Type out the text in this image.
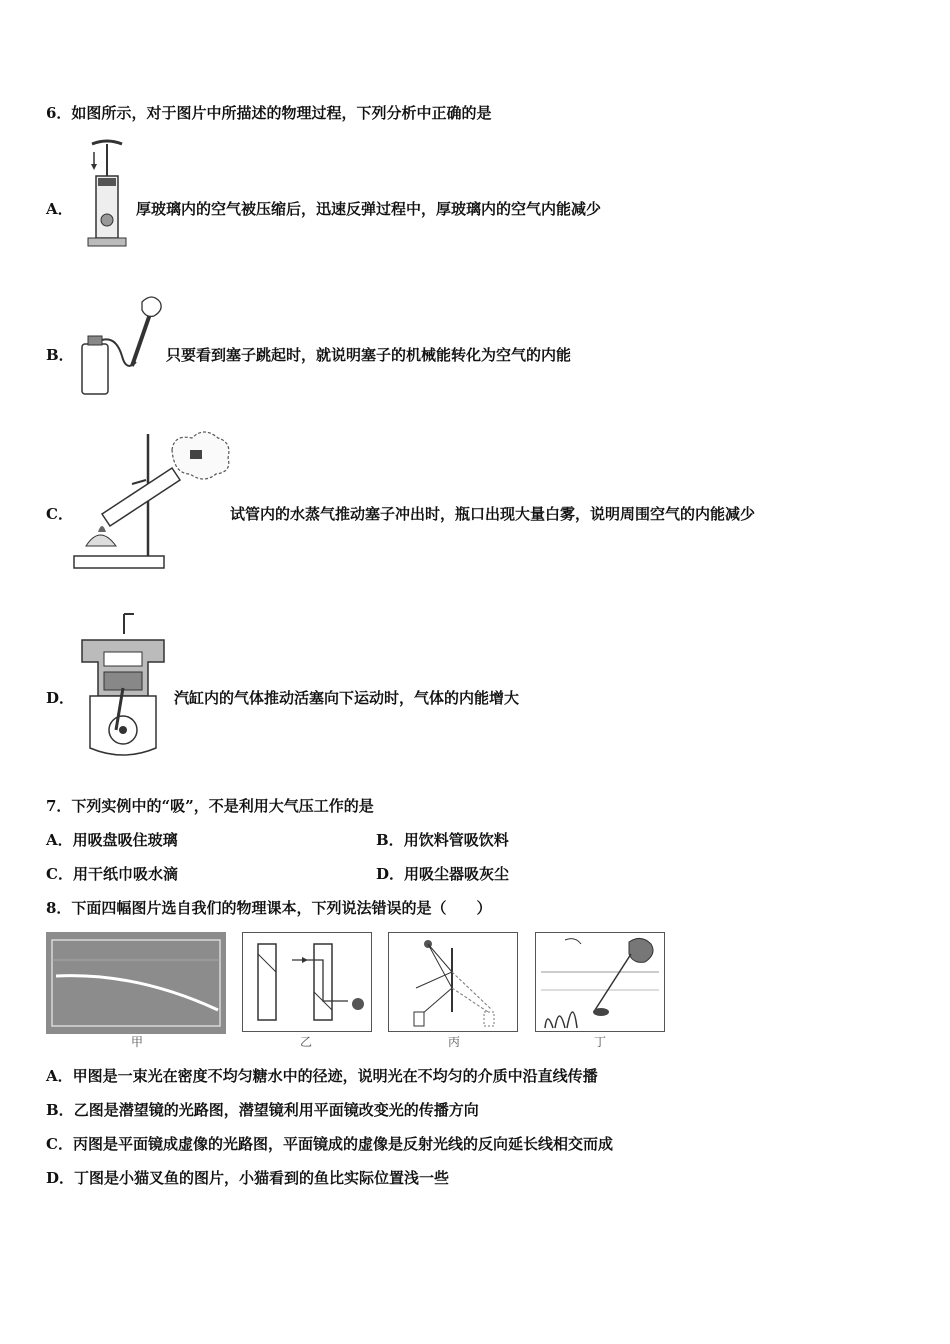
6．如图所示，对于图片中所描述的物理过程，下列分析中正确的是
A．	厚玻璃内的空气被压缩后，迅速反弹过程中，厚玻璃内的空气内能减少
B．	只要看到塞子跳起时，就说明塞子的机械能转化为空气的内能
C．	试管内的水蒸气推动塞子冲出时，瓶口出现大量白雾，说明周围空气的内能减少
D．	汽缸内的气体推动活塞向下运动时，气体的内能增大
7．下列实例中的“吸”，不是利用大气压工作的是
A．用吸盘吸住玻璃	B．用饮料管吸饮料
C．用干纸巾吸水滴	D．用吸尘器吸灰尘
8．下面四幅图片选自我们的物理课本，下列说法错误的是（　　）
甲	乙	丙	丁
A．甲图是一束光在密度不均匀糖水中的径迹，说明光在不均匀的介质中沿直线传播
B．乙图是潜望镜的光路图，潜望镜利用平面镜改变光的传播方向
C．丙图是平面镜成虚像的光路图，平面镜成的虚像是反射光线的反向延长线相交而成
D．丁图是小猫叉鱼的图片，小猫看到的鱼比实际位置浅一些
